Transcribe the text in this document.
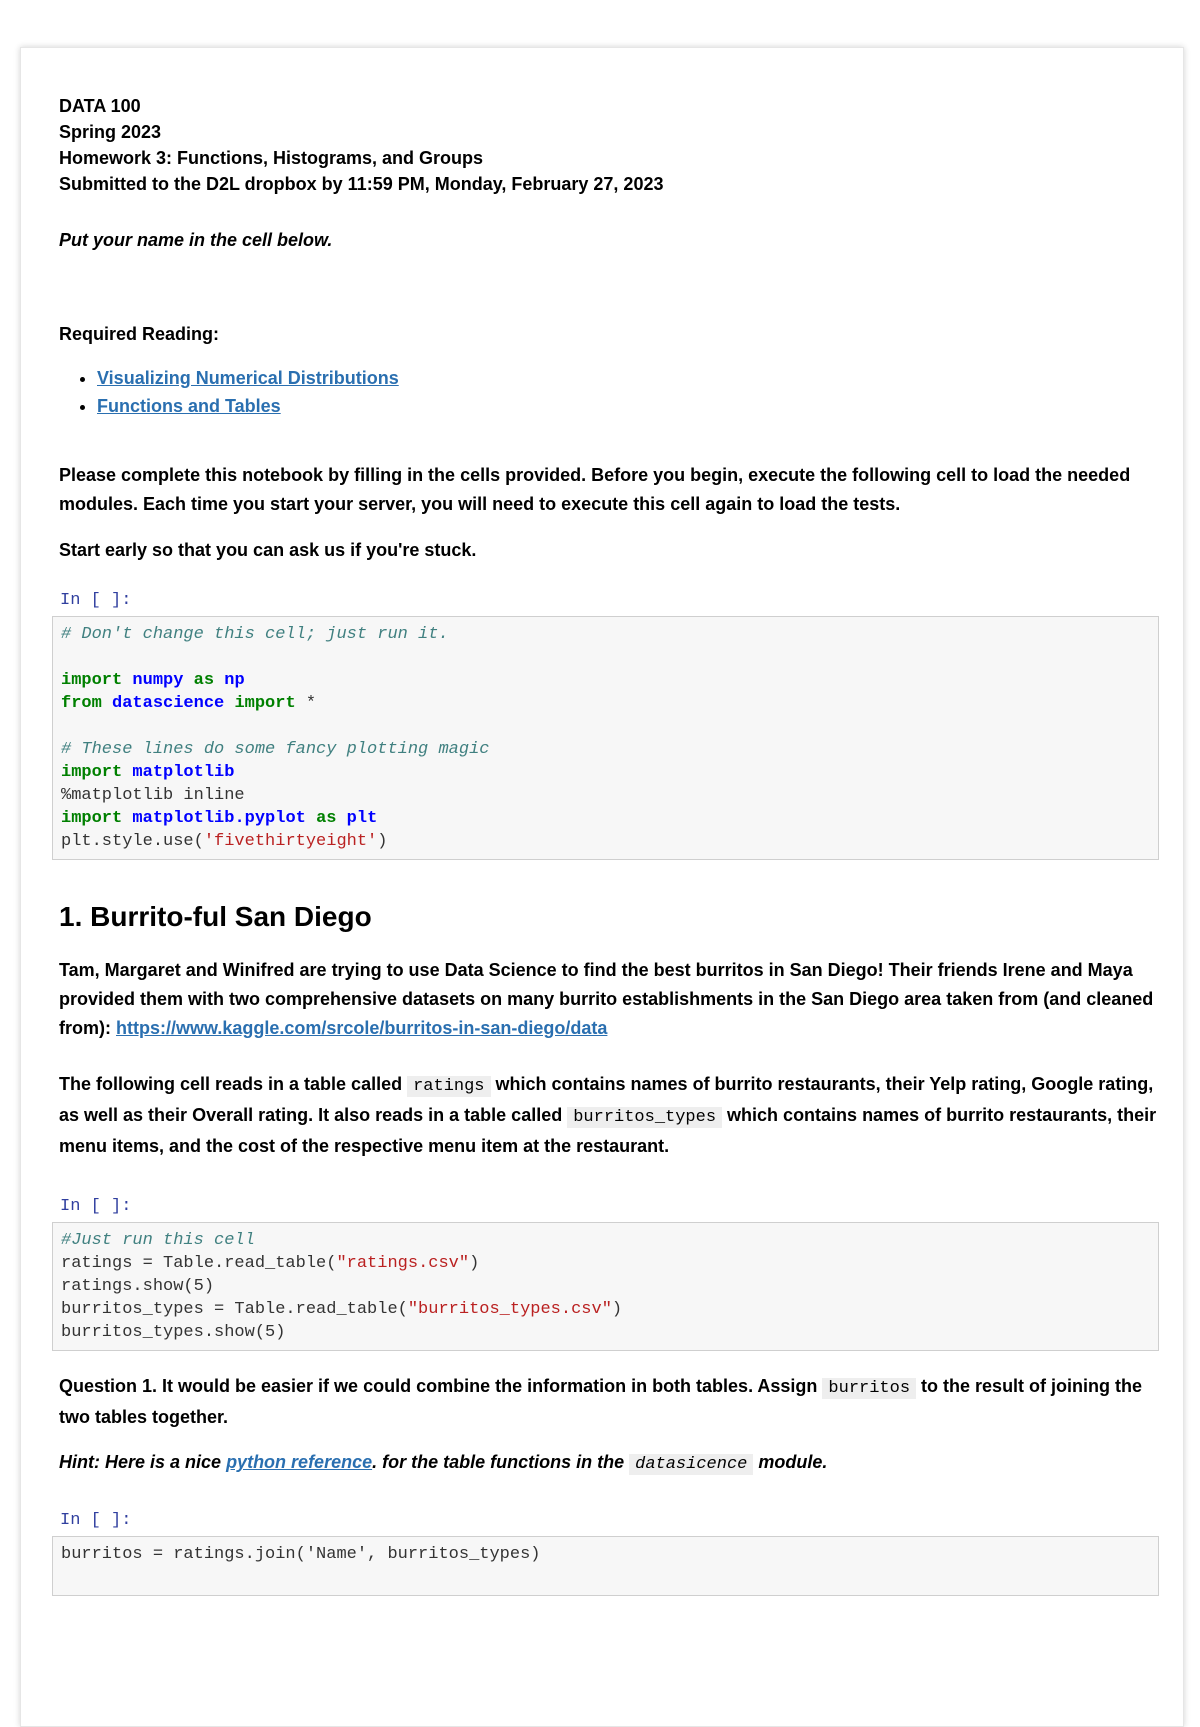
DATA 100

Spring 2023

Homework 3: Functions, Histograms, and Groups

Submitted to the D2L dropbox by 11:59 PM, Monday, February 27, 2023

Put your name in the cell below.

Required Reading:

• Visualizing Numerical Distributions
• Functions and Tables

Please complete this notebook by filling in the cells provided. Before you begin, execute the following cell to load the needed modules. Each time you start your server, you will need to execute this cell again to load the tests.

Start early so that you can ask us if you're stuck.

In [ ]:
# Don't change this cell; just run it.

import numpy as np
from datascience import *

# These lines do some fancy plotting magic
import matplotlib
%matplotlib inline
import matplotlib.pyplot as plt
plt.style.use('fivethirtyeight')
1. Burrito-ful San Diego

Tam, Margaret and Winifred are trying to use Data Science to find the best burritos in San Diego! Their friends Irene and Maya provided them with two comprehensive datasets on many burrito establishments in the San Diego area taken from (and cleaned from): https://www.kaggle.com/srcole/burritos-in-san-diego/data

The following cell reads in a table called ratings which contains names of burrito restaurants, their Yelp rating, Google rating, as well as their Overall rating. It also reads in a table called burritos_types which contains names of burrito restaurants, their menu items, and the cost of the respective menu item at the restaurant.

In [ ]:
#Just run this cell
ratings = Table.read_table("ratings.csv")
ratings.show(5)
burritos_types = Table.read_table("burritos_types.csv")
burritos_types.show(5)

Question 1. It would be easier if we could combine the information in both tables. Assign burritos to the result of joining the two tables together.

Hint: Here is a nice python reference. for the table functions in the datasicence module.

In [ ]:
burritos = ratings.join('Name', burritos_types)
